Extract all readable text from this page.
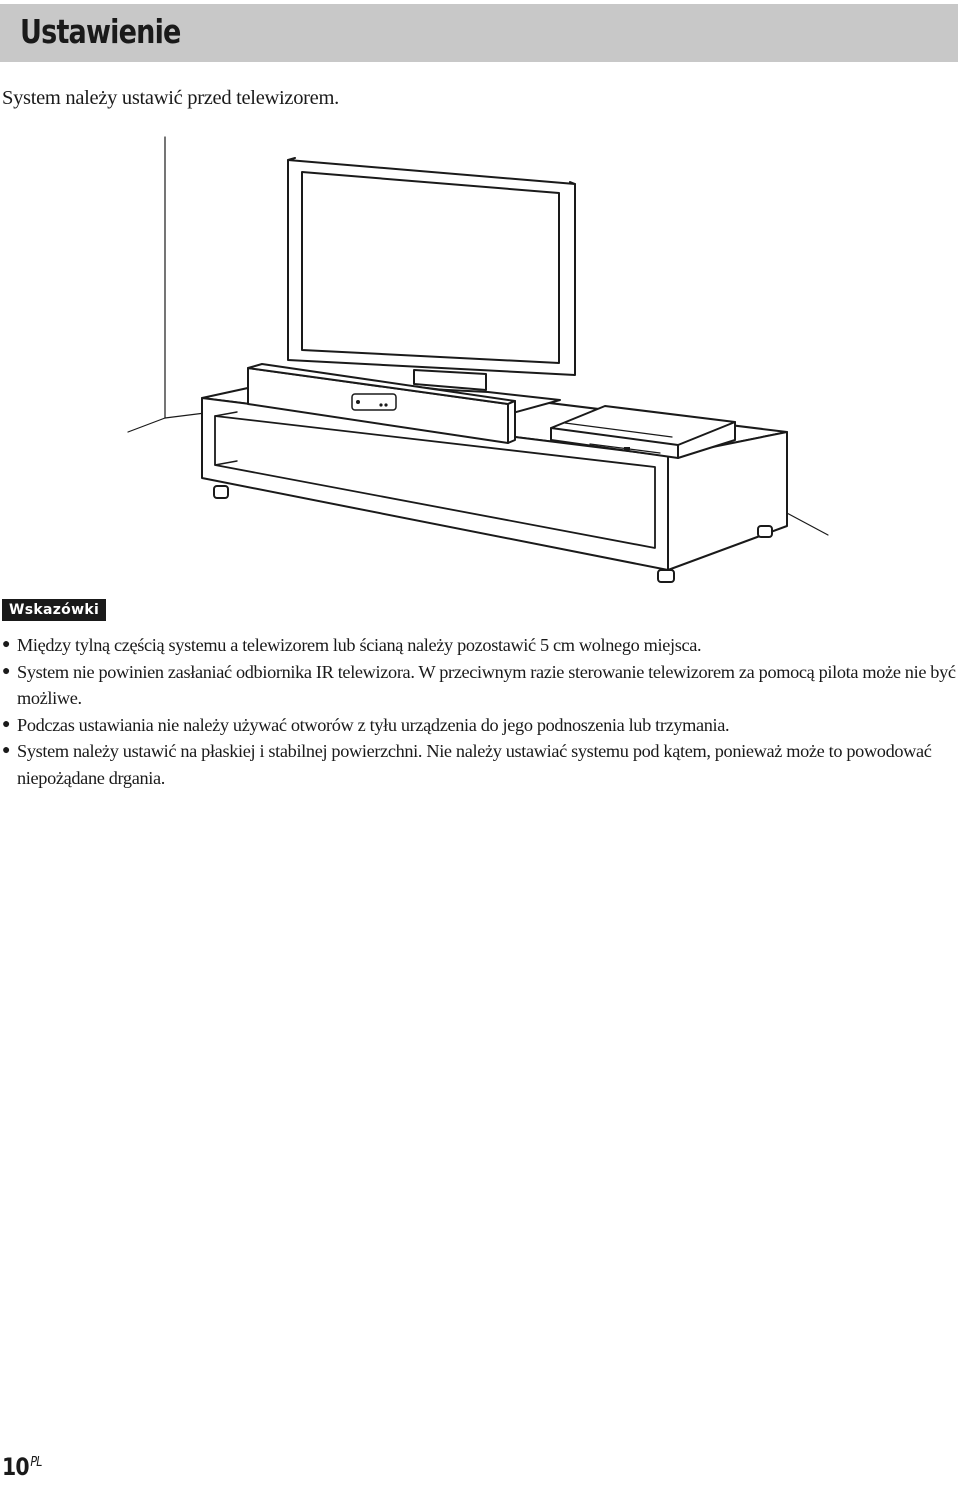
Ustawienie
System należy ustawić przed telewizorem.
Wskazówki
● Między tylną częścią systemu a telewizorem lub ścianą należy pozostawić 5 cm wolnego miejsca.
● System nie powinien zasłaniać odbiornika IR telewizora. W przeciwnym razie sterowanie telewizorem za pomocą pilota może nie być możliwe.
● Podczas ustawiania nie należy używać otworów z tyłu urządzenia do jego podnoszenia lub trzymania.
● System należy ustawić na płaskiej i stabilnej powierzchni. Nie należy ustawiać systemu pod kątem, ponieważ może to powodować niepożądane drgania.
10 $^{PL}$
